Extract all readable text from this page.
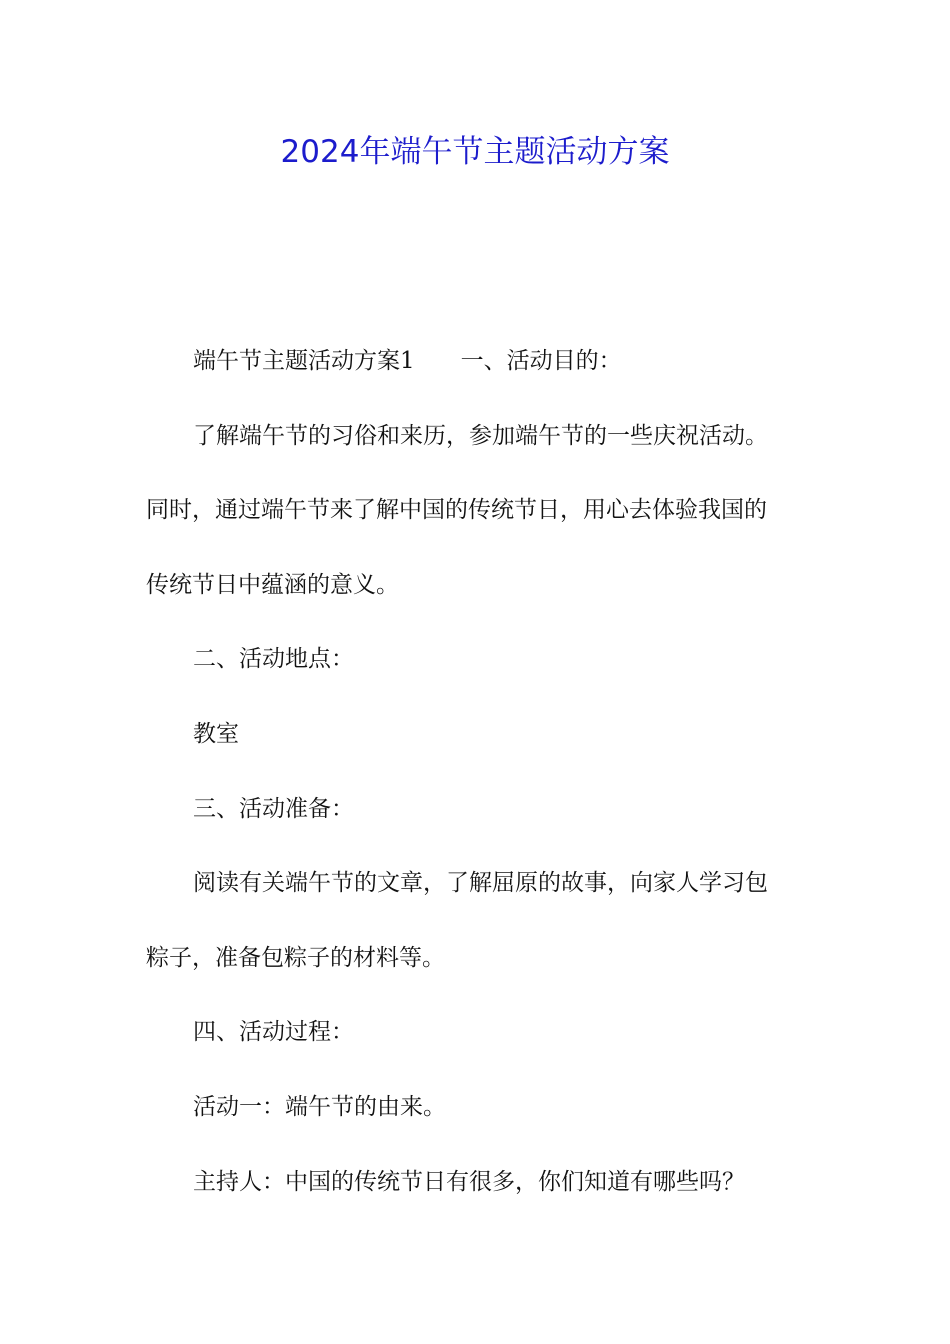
2024年端午节主题活动方案
端午节主题活动方案1 一、活动目的：
了解端午节的习俗和来历，参加端午节的一些庆祝活动。
同时，通过端午节来了解中国的传统节日，用心去体验我国的
传统节日中蕴涵的意义。
二、活动地点：
教室
三、活动准备：
阅读有关端午节的文章，了解屈原的故事，向家人学习包
粽子，准备包粽子的材料等。
四、活动过程：
活动一：端午节的由来。
主持人：中国的传统节日有很多，你们知道有哪些吗？
